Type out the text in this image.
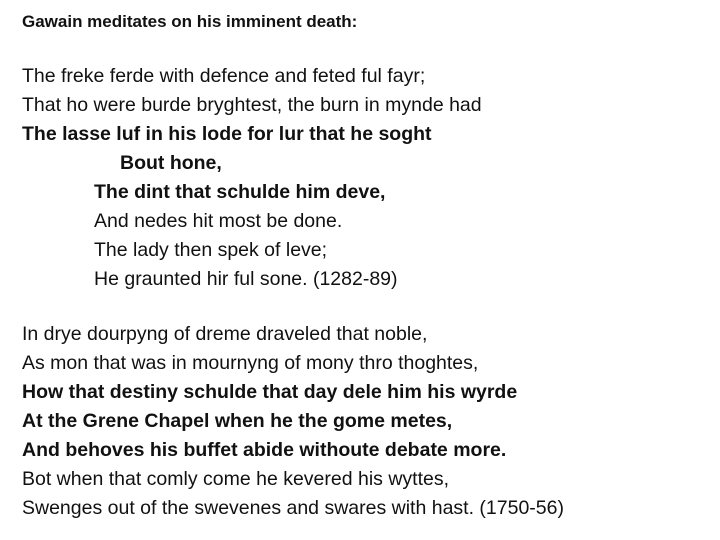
Gawain meditates on his imminent death:
The freke ferde with defence and feted ful fayr;
That ho were burde bryghtest, the burn in mynde had
The lasse luf in his lode for lur that he soght
Bout hone,
The dint that schulde him deve,
And nedes hit most be done.
The lady then spek of leve;
He graunted hir ful sone. (1282-89)
In drye dourpyng of dreme draveled that noble,
As mon that was in mournyng of mony thro thoghtes,
How that destiny schulde that day dele him his wyrde
At the Grene Chapel when he the gome metes,
And behoves his buffet abide withoute debate more.
Bot when that comly come he kevered his wyttes,
Swenges out of the swevenes and swares with hast. (1750-56)
